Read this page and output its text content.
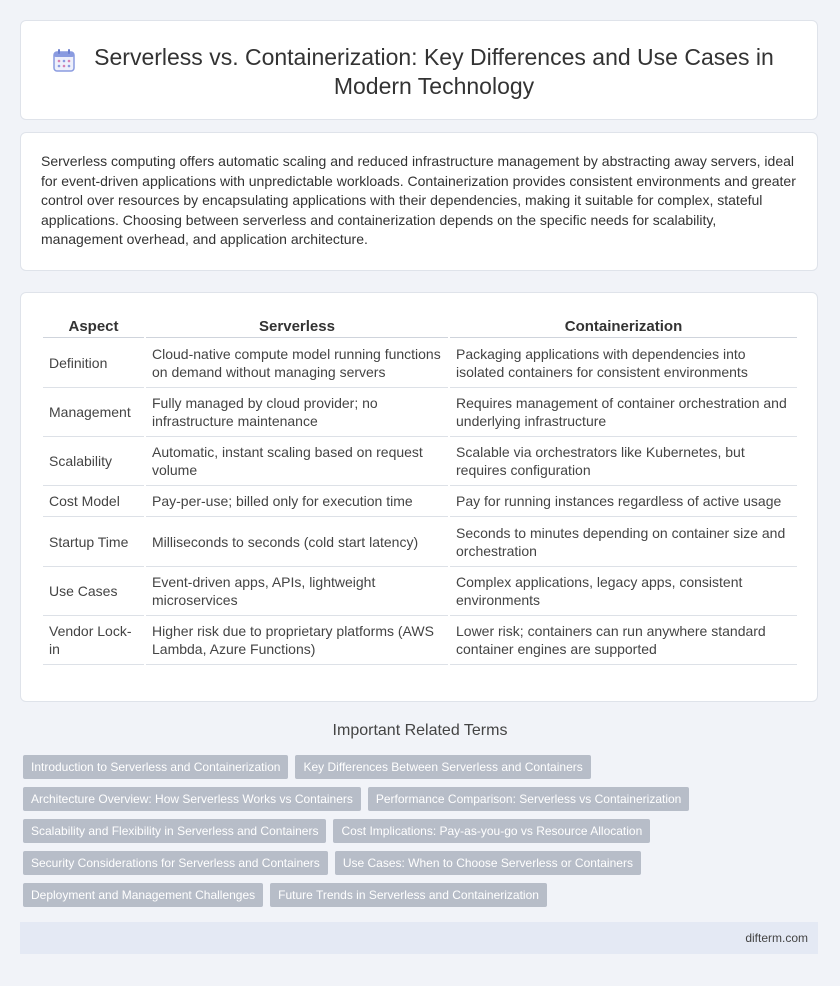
Serverless vs. Containerization: Key Differences and Use Cases in Modern Technology
Serverless computing offers automatic scaling and reduced infrastructure management by abstracting away servers, ideal for event-driven applications with unpredictable workloads. Containerization provides consistent environments and greater control over resources by encapsulating applications with their dependencies, making it suitable for complex, stateful applications. Choosing between serverless and containerization depends on the specific needs for scalability, management overhead, and application architecture.
Aspect	Serverless	Containerization
Definition	Cloud-native compute model running functions on demand without managing servers	Packaging applications with dependencies into isolated containers for consistent environments
Management	Fully managed by cloud provider; no infrastructure maintenance	Requires management of container orchestration and underlying infrastructure
Scalability	Automatic, instant scaling based on request volume	Scalable via orchestrators like Kubernetes, but requires configuration
Cost Model	Pay-per-use; billed only for execution time	Pay for running instances regardless of active usage
Startup Time	Milliseconds to seconds (cold start latency)	Seconds to minutes depending on container size and orchestration
Use Cases	Event-driven apps, APIs, lightweight microservices	Complex applications, legacy apps, consistent environments
Vendor Lock-in	Higher risk due to proprietary platforms (AWS Lambda, Azure Functions)	Lower risk; containers can run anywhere standard container engines are supported
Important Related Terms
Introduction to Serverless and Containerization	Key Differences Between Serverless and Containers
Architecture Overview: How Serverless Works vs Containers	Performance Comparison: Serverless vs Containerization
Scalability and Flexibility in Serverless and Containers	Cost Implications: Pay-as-you-go vs Resource Allocation
Security Considerations for Serverless and Containers	Use Cases: When to Choose Serverless or Containers
Deployment and Management Challenges	Future Trends in Serverless and Containerization
difterm.com
